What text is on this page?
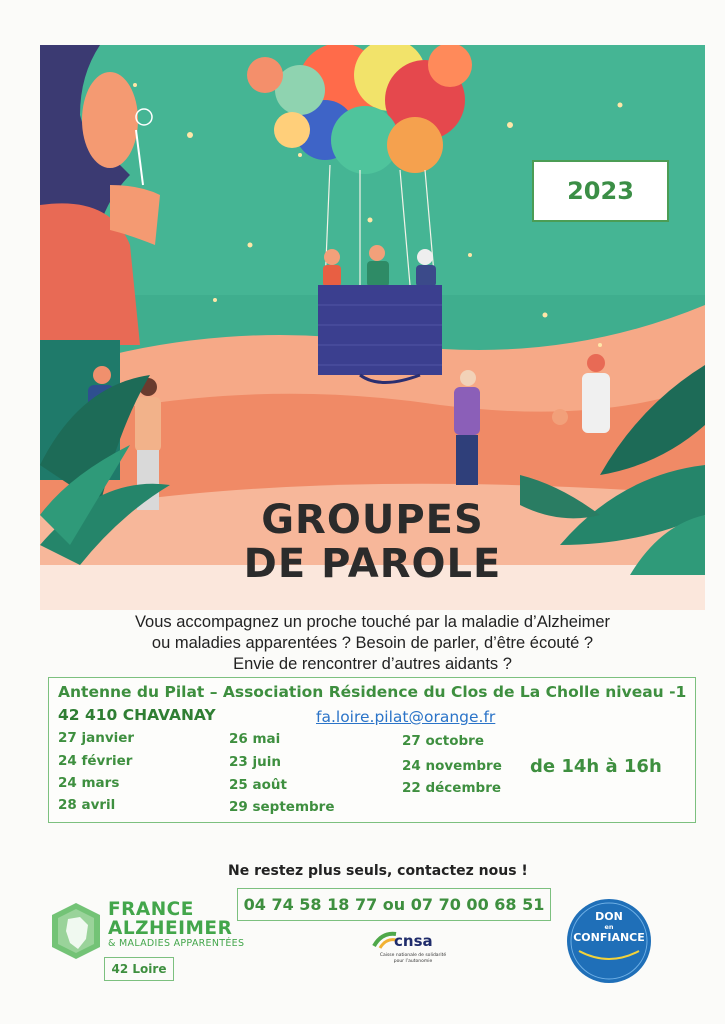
2023
GROUPES
DE PAROLE
Vous accompagnez un proche touché par la maladie d’Alzheimer
ou maladies apparentées ? Besoin de parler, d’être écouté ?
Envie de rencontrer d’autres aidants ?
Antenne du Pilat – Association Résidence du Clos de La Cholle niveau -1
42 410 CHAVANAY	fa.loire.pilat@orange.fr
27 janvier
24 février
24 mars
28 avril
26 mai
23 juin
25 août
29 septembre
27 octobre
24 novembre
22 décembre
de 14h à 16h
Ne restez plus seuls, contactez nous !
04 74 58 18 77 ou 07 70 00 68 51
FRANCE
ALZHEIMER
& MALADIES APPARENTÉES
42 Loire
cnsa
Caisse nationale de solidarité pour l’autonomie
DON
en
CONFIANCE
